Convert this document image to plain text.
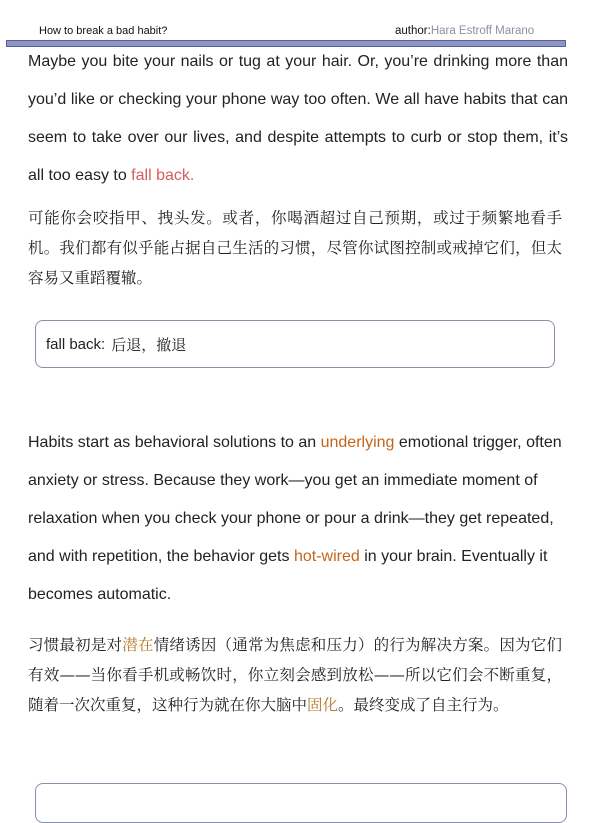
How to break a bad habit?	author:Hara Estroff Marano
Maybe you bite your nails or tug at your hair. Or, you’re drinking more than you’d like or checking your phone way too often. We all have habits that can seem to take over our lives, and despite attempts to curb or stop them, it’s all too easy to fall back.
可能你会咬指甲、拽头发。或者，你喝酒超过自己预期，或过于频繁地看手机。我们都有似乎能占据自己生活的习惯，尽管你试图控制或戒掉它们，但太容易又重蹈覆辙。
fall back: 后退，撤退
Habits start as behavioral solutions to an underlying emotional trigger, often anxiety or stress. Because they work—you get an immediate moment of relaxation when you check your phone or pour a drink—they get repeated, and with repetition, the behavior gets hot-wired in your brain. Eventually it becomes automatic.
习惯最初是对潜在情绪诱因（通常为焦虑和压力）的行为解决方案。因为它们有效——当你看手机或畅饮时，你立刻会感到放松——所以它们会不断重复，随着一次次重复，这种行为就在你大脑中固化。最终变成了自主行为。
